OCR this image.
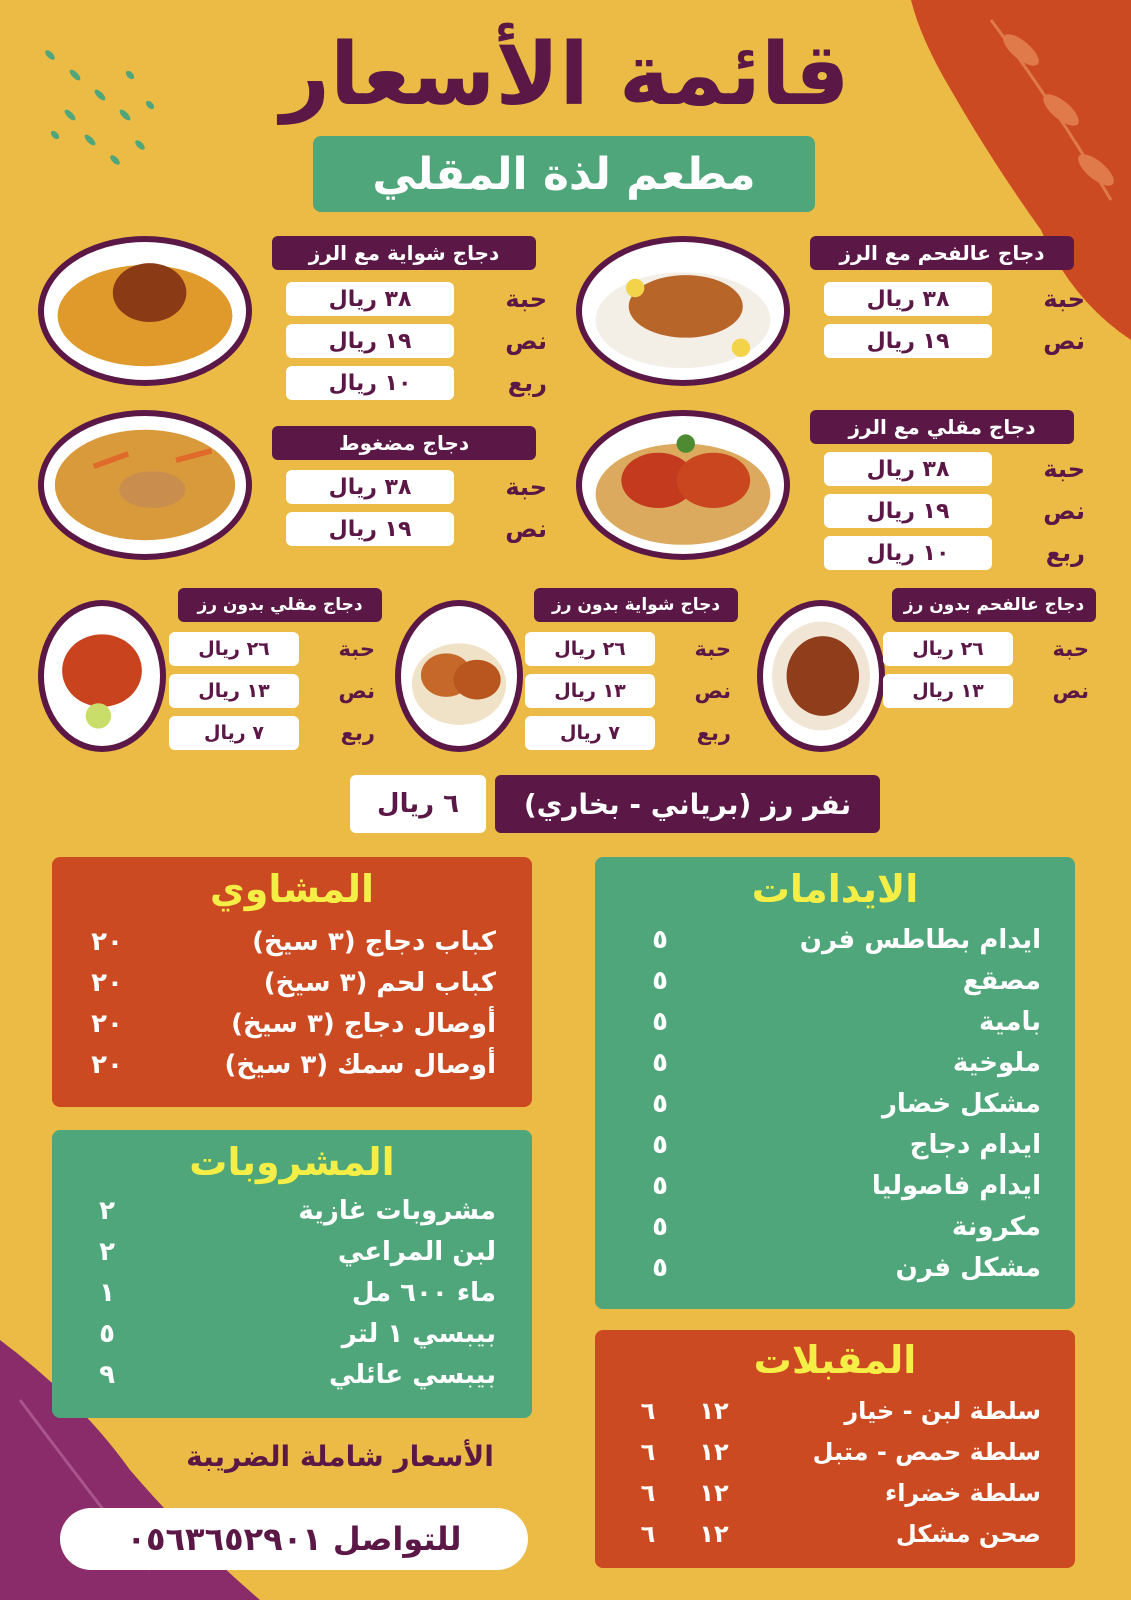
قائمة الأسعار
مطعم لذة المقلي
دجاج عالفحم مع الرز
حبة
٣٨ ريال
نص
١٩ ريال
دجاج شواية مع الرز
حبة
٣٨ ريال
نص
١٩ ريال
ربع
١٠ ريال
دجاج مقلي مع الرز
حبة
٣٨ ريال
نص
١٩ ريال
ربع
١٠ ريال
دجاج مضغوط
حبة
٣٨ ريال
نص
١٩ ريال
دجاج عالفحم بدون رز
حبة
٢٦ ريال
نص
١٣ ريال
دجاج شواية بدون رز
حبة
٢٦ ريال
نص
١٣ ريال
ربع
٧ ريال
دجاج مقلي بدون رز
حبة
٢٦ ريال
نص
١٣ ريال
ربع
٧ ريال
نفر رز (برياني - بخاري)
٦ ريال
المشاوي
كباب دجاج (٣ سيخ)
٢٠
كباب لحم (٣ سيخ)
٢٠
أوصال دجاج (٣ سيخ)
٢٠
أوصال سمك (٣ سيخ)
٢٠
المشروبات
مشروبات غازية
٢
لبن المراعي
٢
ماء ٦٠٠ مل
١
بيبسي ١ لتر
٥
بيبسي عائلي
٩
الايدامات
ايدام بطاطس فرن
٥
مصقع
٥
بامية
٥
ملوخية
٥
مشكل خضار
٥
ايدام دجاج
٥
ايدام فاصوليا
٥
مكرونة
٥
مشكل فرن
٥
المقبلات
سلطة لبن - خيار
١٢
٦
سلطة حمص - متبل
١٢
٦
سلطة خضراء
١٢
٦
صحن مشكل
١٢
٦
الأسعار شاملة الضريبة
للتواصل ٠٥٦٣٦٥٢٩٠١
